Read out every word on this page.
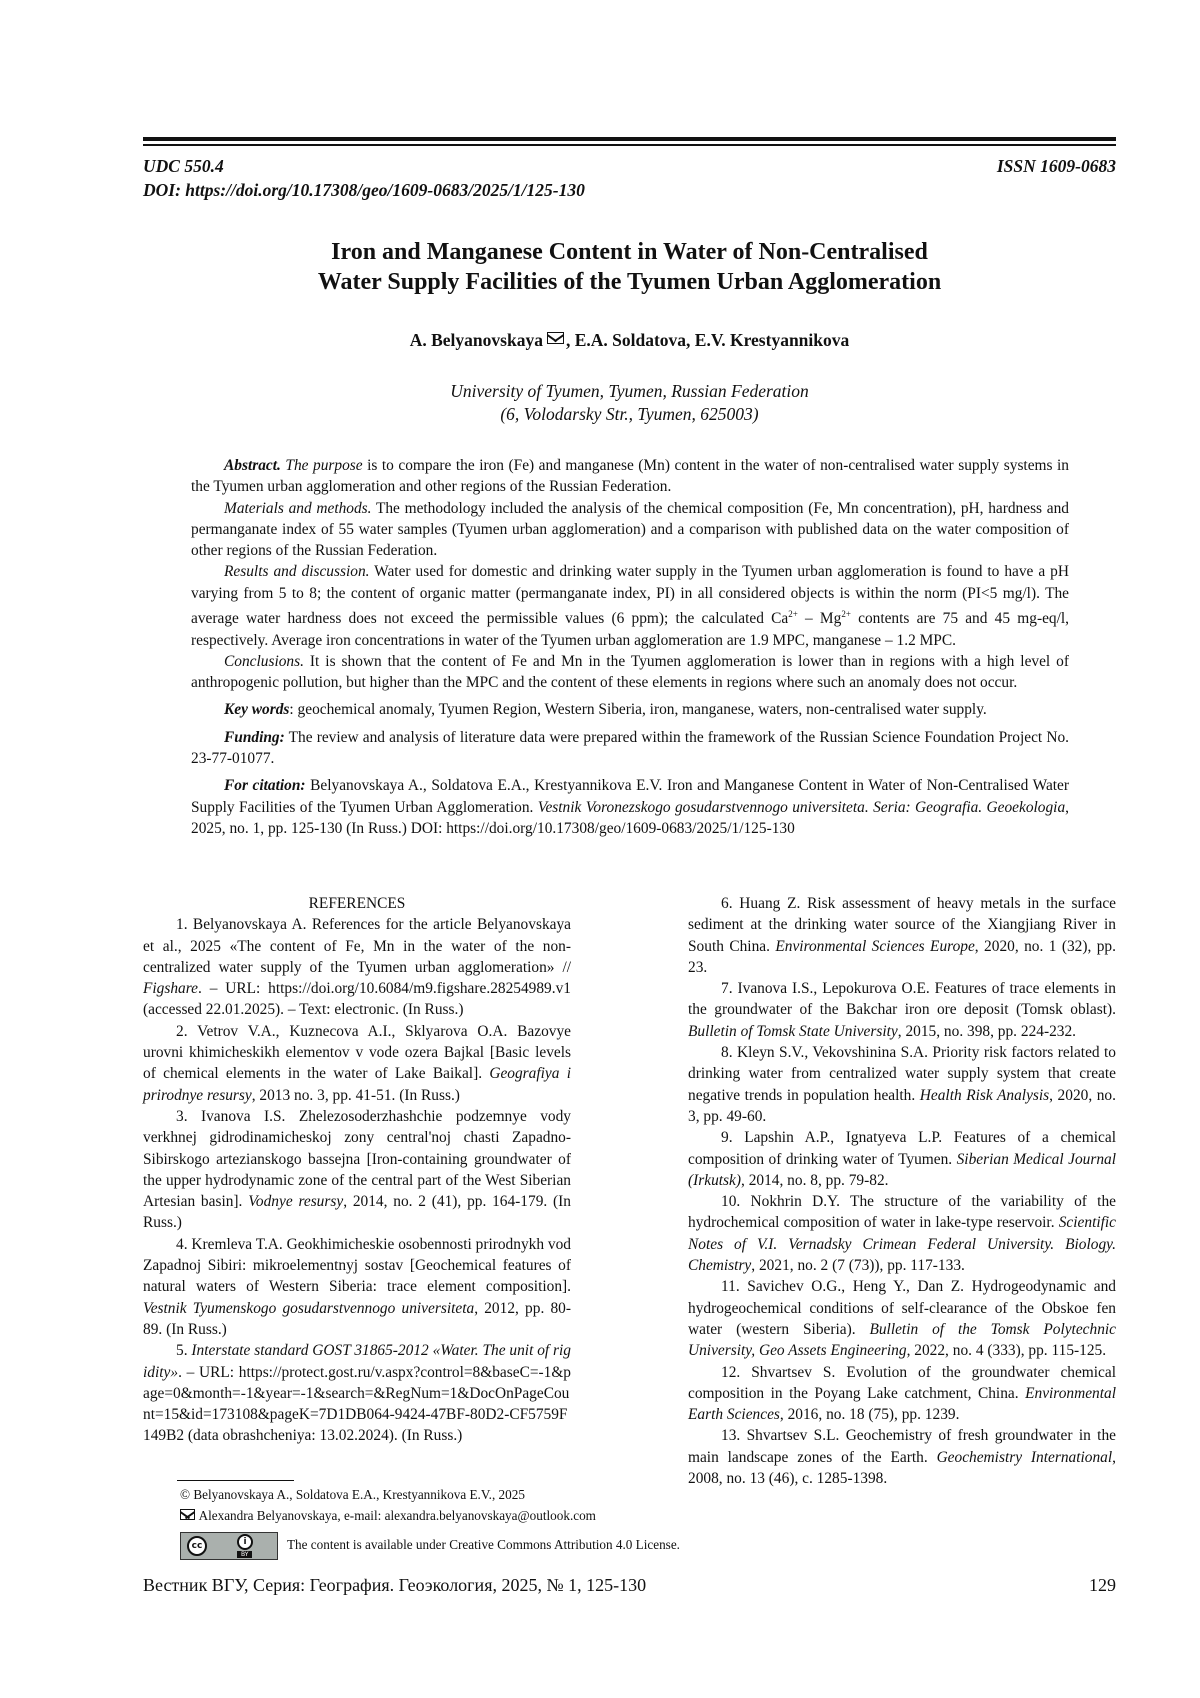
UDC 550.4	ISSN 1609-0683
DOI: https://doi.org/10.17308/geo/1609-0683/2025/1/125-130
Iron and Manganese Content in Water of Non-Centralised
Water Supply Facilities of the Tyumen Urban Agglomeration
A. Belyanovskaya , E.A. Soldatova, E.V. Krestyannikova
University of Tyumen, Tyumen, Russian Federation
(6, Volodarsky Str., Tyumen, 625003)

Abstract. The purpose is to compare the iron (Fe) and manganese (Mn) content in the water of non-centralised water supply systems in the Tyumen urban agglomeration and other regions of the Russian Federation.

Materials and methods. The methodology included the analysis of the chemical composition (Fe, Mn concentration), pH, hardness and permanganate index of 55 water samples (Tyumen urban agglomeration) and a comparison with published data on the water composition of other regions of the Russian Federation.

Results and discussion. Water used for domestic and drinking water supply in the Tyumen urban agglomeration is found to have a pH varying from 5 to 8; the content of organic matter (permanganate index, PI) in all considered objects is within the norm (PI<5 mg/l). The average water hardness does not exceed the permissible values (6 ppm); the calculated Ca2+ – Mg2+ contents are 75 and 45 mg-eq/l, respectively. Average iron concentrations in water of the Tyumen urban agglomeration are 1.9 MPC, manganese – 1.2 MPC.

Conclusions. It is shown that the content of Fe and Mn in the Tyumen agglomeration is lower than in regions with a high level of anthropogenic pollution, but higher than the MPC and the content of these elements in regions where such an anomaly does not occur.

Key words: geochemical anomaly, Tyumen Region, Western Siberia, iron, manganese, waters, non-centralised water supply.

Funding: The review and analysis of literature data were prepared within the framework of the Russian Science Foundation Project No. 23-77-01077.

For citation: Belyanovskaya A., Soldatova E.A., Krestyannikova E.V. Iron and Manganese Content in Water of Non-Centralised Water Supply Facilities of the Tyumen Urban Agglomeration. Vestnik Voronezskogo gosudarstvennogo universiteta. Seria: Geografia. Geoekologia, 2025, no. 1, pp. 125-130 (In Russ.) DOI: https://doi.org/10.17308/geo/1609-0683/2025/1/125-130

REFERENCES

1. Belyanovskaya A. References for the article Belyanovskaya et al., 2025 «The content of Fe, Mn in the water of the non-centralized water supply of the Tyumen urban agglomeration» // Figshare. – URL: https://doi.org/10.6084/m9.figshare.28254989.v1 (accessed 22.01.2025). – Text: electronic. (In Russ.)

2. Vetrov V.A., Kuznecova A.I., Sklyarova O.A. Bazovye urovni khimicheskikh elementov v vode ozera Bajkal [Basic levels of chemical elements in the water of Lake Baikal]. Geografiya i prirodnye resursy, 2013 no. 3, pp. 41-51. (In Russ.)

3. Ivanova I.S. Zhelezosoderzhashchie podzemnye vody verkhnej gidrodinamicheskoj zony central'noj chasti Zapadno-Sibirskogo artezianskogo bassejna [Iron-containing groundwater of the upper hydrodynamic zone of the central part of the West Siberian Artesian basin]. Vodnye resursy, 2014, no. 2 (41), pp. 164-179. (In Russ.)

4. Kremleva T.A. Geokhimicheskie osobennosti prirodnykh vod Zapadnoj Sibiri: mikroelementnyj sostav [Geochemical features of natural waters of Western Siberia: trace element composition]. Vestnik Tyumenskogo gosudarstvennogo universiteta, 2012, pp. 80-89. (In Russ.)

5. Interstate standard GOST 31865-2012 «Water. The unit of rigidity». – URL: https://protect.gost.ru/v.aspx?control=8&baseC=-1&page=0&month=-1&year=-1&search=&RegNum=1&DocOnPageCount=15&id=173108&pageK=7D1DB064-9424-47BF-80D2-CF5759F149B2 (data obrashcheniya: 13.02.2024). (In Russ.)

6. Huang Z. Risk assessment of heavy metals in the surface sediment at the drinking water source of the Xiangjiang River in South China. Environmental Sciences Europe, 2020, no. 1 (32), pp. 23.

7. Ivanova I.S., Lepokurova O.E. Features of trace elements in the groundwater of the Bakchar iron ore deposit (Tomsk oblast). Bulletin of Tomsk State University, 2015, no. 398, pp. 224-232.

8. Kleyn S.V., Vekovshinina S.A. Priority risk factors related to drinking water from centralized water supply system that create negative trends in population health. Health Risk Analysis, 2020, no. 3, pp. 49-60.

9. Lapshin A.P., Ignatyeva L.P. Features of a chemical composition of drinking water of Tyumen. Siberian Medical Journal (Irkutsk), 2014, no. 8, pp. 79-82.

10. Nokhrin D.Y. The structure of the variability of the hydrochemical composition of water in lake-type reservoir. Scientific Notes of V.I. Vernadsky Crimean Federal University. Biology. Chemistry, 2021, no. 2 (7 (73)), pp. 117-133.

11. Savichev O.G., Heng Y., Dan Z. Hydrogeodynamic and hydrogeochemical conditions of self-clearance of the Obskoe fen water (western Siberia). Bulletin of the Tomsk Polytechnic University, Geo Assets Engineering, 2022, no. 4 (333), pp. 115-125.

12. Shvartsev S. Evolution of the groundwater chemical composition in the Poyang Lake catchment, China. Environmental Earth Sciences, 2016, no. 18 (75), pp. 1239.

13. Shvartsev S.L. Geochemistry of fresh groundwater in the main landscape zones of the Earth. Geochemistry International, 2008, no. 13 (46), c. 1285-1398.

© Belyanovskaya A., Soldatova E.A., Krestyannikova E.V., 2025
Alexandra Belyanovskaya, e-mail: alexandra.belyanovskaya@outlook.com
cc	i
BY
The content is available under Creative Commons Attribution 4.0 License.
Вестник ВГУ, Серия: География. Геоэкология, 2025, № 1, 125-130	129
